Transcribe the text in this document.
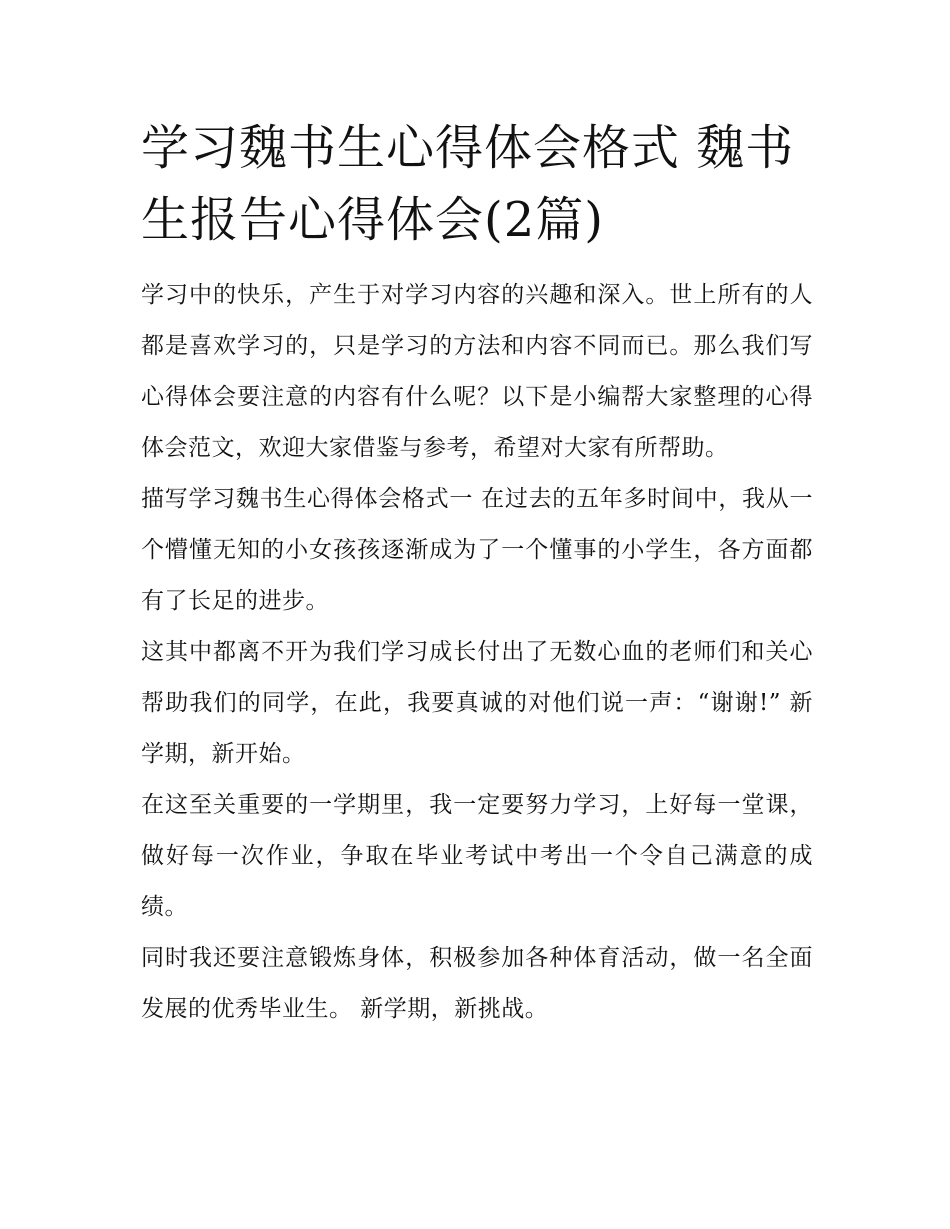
学习魏书生心得体会格式 魏书生报告心得体会(2篇)

学习中的快乐，产生于对学习内容的兴趣和深入。世上所有的人都是喜欢学习的，只是学习的方法和内容不同而已。那么我们写心得体会要注意的内容有什么呢？以下是小编帮大家整理的心得体会范文，欢迎大家借鉴与参考，希望对大家有所帮助。

描写学习魏书生心得体会格式一 在过去的五年多时间中，我从一个懵懂无知的小女孩孩逐渐成为了一个懂事的小学生，各方面都有了长足的进步。

这其中都离不开为我们学习成长付出了无数心血的老师们和关心帮助我们的同学，在此，我要真诚的对他们说一声：“谢谢!” 新学期，新开始。

在这至关重要的一学期里，我一定要努力学习，上好每一堂课，做好每一次作业，争取在毕业考试中考出一个令自己满意的成绩。

同时我还要注意锻炼身体，积极参加各种体育活动，做一名全面发展的优秀毕业生。 新学期，新挑战。
